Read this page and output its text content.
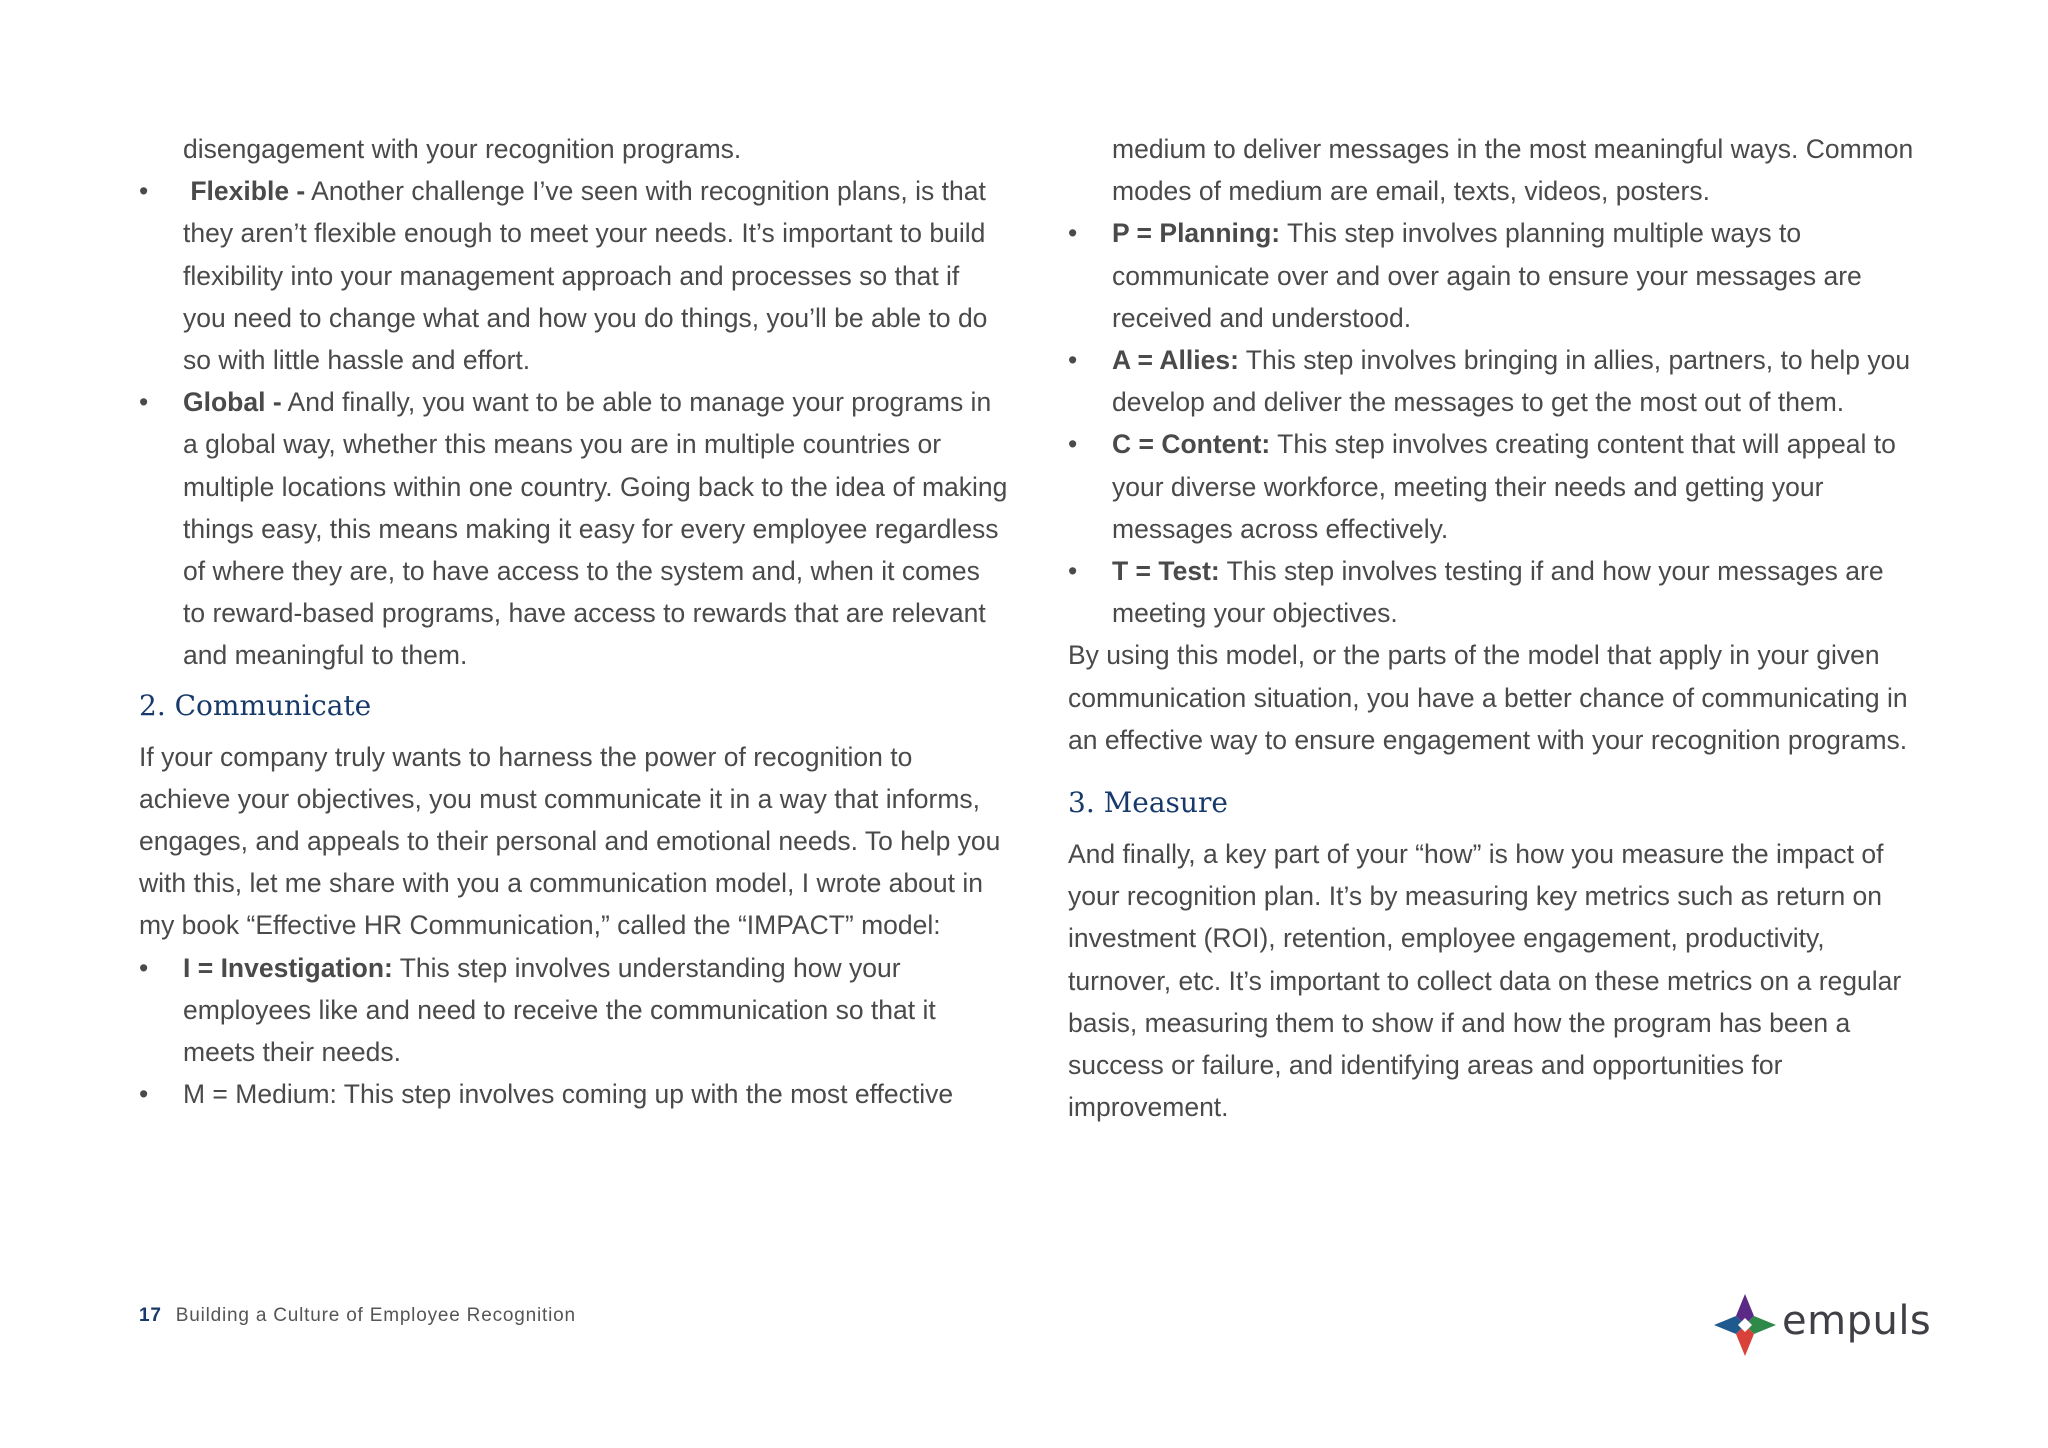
disengagement with your recognition programs.

• Flexible - Another challenge I’ve seen with recognition plans, is that they aren’t flexible enough to meet your needs. It’s important to build flexibility into your management approach and processes so that if you need to change what and how you do things, you’ll be able to do so with little hassle and effort.
• Global - And finally, you want to be able to manage your programs in a global way, whether this means you are in multiple countries or multiple locations within one country. Going back to the idea of making things easy, this means making it easy for every employee regardless of where they are, to have access to the system and, when it comes to reward-based programs, have access to rewards that are relevant and meaningful to them.
2. Communicate

If your company truly wants to harness the power of recognition to achieve your objectives, you must communicate it in a way that informs, engages, and appeals to their personal and emotional needs. To help you with this, let me share with you a communication model, I wrote about in my book “Effective HR Communication,” called the “IMPACT” model:

• I = Investigation: This step involves understanding how your employees like and need to receive the communication so that it meets their needs.
• M = Medium: This step involves coming up with the most effective

medium to deliver messages in the most meaningful ways. Common modes of medium are email, texts, videos, posters.

• P = Planning: This step involves planning multiple ways to communicate over and over again to ensure your messages are received and understood.
• A = Allies: This step involves bringing in allies, partners, to help you develop and deliver the messages to get the most out of them.
• C = Content: This step involves creating content that will appeal to your diverse workforce, meeting their needs and getting your messages across effectively.
• T = Test: This step involves testing if and how your messages are meeting your objectives.

By using this model, or the parts of the model that apply in your given communication situation, you have a better chance of communicating in an effective way to ensure engagement with your recognition programs.

3. Measure

And finally, a key part of your “how” is how you measure the impact of your recognition plan. It’s by measuring key metrics such as return on investment (ROI), retention, employee engagement, productivity, turnover, etc. It’s important to collect data on these metrics on a regular basis, measuring them to show if and how the program has been a success or failure, and identifying areas and opportunities for improvement.

17 Building a Culture of Employee Recognition	empuls
